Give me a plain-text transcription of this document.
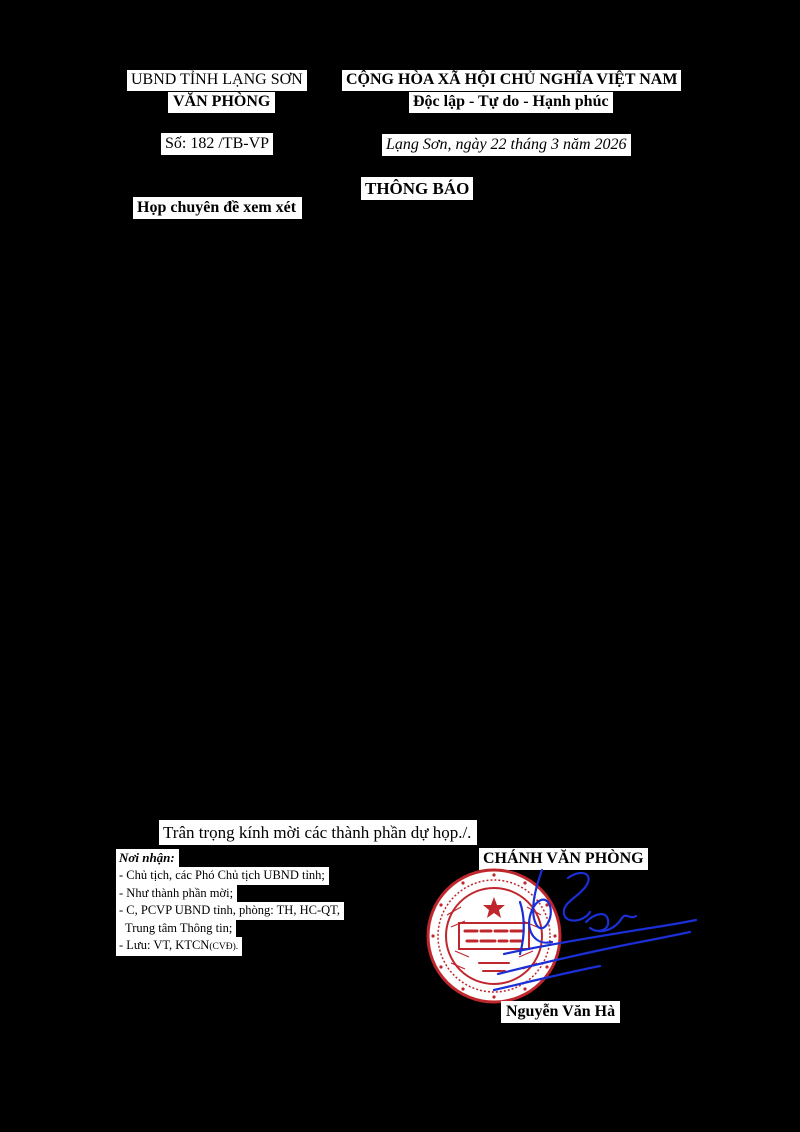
UBND TỈNH LẠNG SƠN
VĂN PHÒNG
CỘNG HÒA XÃ HỘI CHỦ NGHĨA VIỆT NAM
Độc lập - Tự do - Hạnh phúc
Số: 182 /TB-VP	Lạng Sơn, ngày 22 tháng 3 năm 2026
THÔNG BÁO
Họp chuyên đề xem xét
Trân trọng kính mời các thành phần dự họp./.
Nơi nhận:
- Chủ tịch, các Phó Chủ tịch UBND tỉnh;
- Như thành phần mời;
- C, PCVP UBND tỉnh, phòng: TH, HC-QT,
Trung tâm Thông tin;
- Lưu: VT, KTCN(CVĐ).
CHÁNH VĂN PHÒNG
Nguyễn Văn Hà
